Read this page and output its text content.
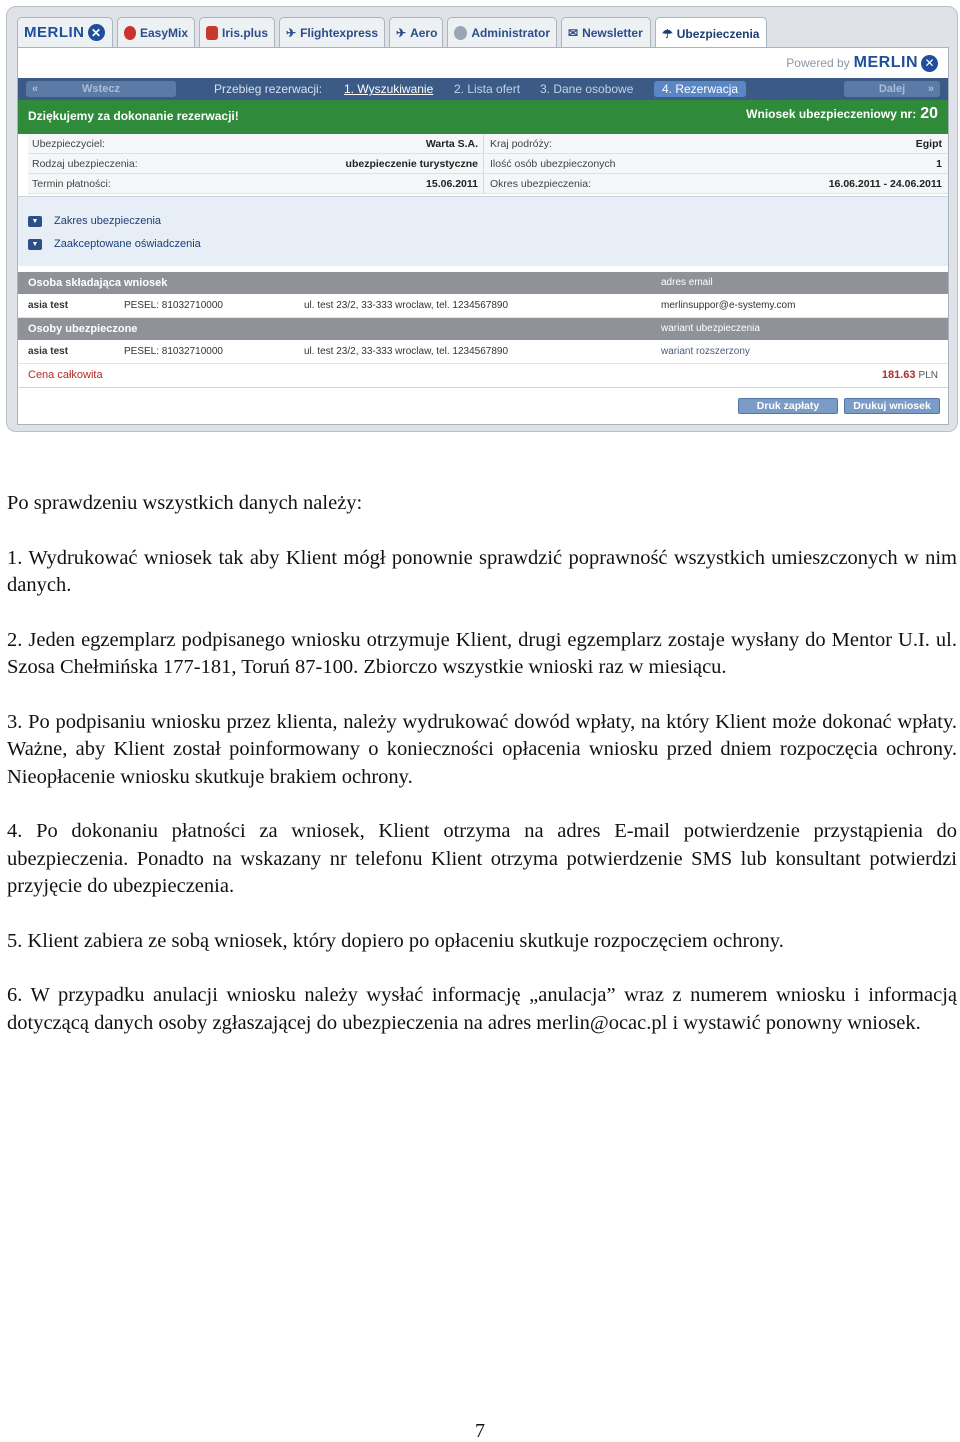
MERLIN ✕	EasyMix	Iris.plus ✈ Flightexpress ✈ Aero	Administrator ✉ Newsletter ☂ Ubezpieczenia
Powered by MERLIN ✕
«	Wstecz	Przebieg rezerwacji: 1. Wyszukiwanie 2. Lista ofert 3. Dane osobowe	4. Rezerwacja	Dalej »
Dziękujemy za dokonanie rezerwacji!	Wniosek ubezpieczeniowy nr: 20
Ubezpieczyciel:	Warta S.A. Kraj podróży:	Egipt
Rodzaj ubezpieczenia:	ubezpieczenie turystyczne Ilość osób ubezpieczonych	1
Termin płatności:	15.06.2011 Okres ubezpieczenia:	16.06.2011 - 24.06.2011
▼ Zakres ubezpieczenia
▼ Zaakceptowane oświadczenia
Osoba składająca wniosek	adres email
asia test	PESEL: 81032710000	ul. test 23/2, 33-333 wroclaw, tel. 1234567890	merlinsuppor@e-systemy.com
Osoby ubezpieczone	wariant ubezpieczenia
asia test	PESEL: 81032710000	ul. test 23/2, 33-333 wroclaw, tel. 1234567890	wariant rozszerzony
Cena całkowita	181.63 PLN
Druk zapłaty	Drukuj wniosek

Po sprawdzeniu wszystkich danych należy:

1. Wydrukować wniosek tak aby Klient mógł ponownie sprawdzić poprawność wszystkich umieszczonych w nim danych.

2. Jeden egzemplarz podpisanego wniosku otrzymuje Klient, drugi egzemplarz zostaje wysłany do Mentor U.I. ul. Szosa Chełmińska 177-181, Toruń 87-100. Zbiorczo wszystkie wnioski raz w miesiącu.

3. Po podpisaniu wniosku przez klienta, należy wydrukować dowód wpłaty, na który Klient może dokonać wpłaty. Ważne, aby Klient został poinformowany o konieczności opłacenia wniosku przed dniem rozpoczęcia ochrony. Nieopłacenie wniosku skutkuje brakiem ochrony.

4. Po dokonaniu płatności za wniosek, Klient otrzyma na adres E-mail potwierdzenie przystąpienia do ubezpieczenia. Ponadto na wskazany nr telefonu Klient otrzyma potwierdzenie SMS lub konsultant potwierdzi przyjęcie do ubezpieczenia.

5. Klient zabiera ze sobą wniosek, który dopiero po opłaceniu skutkuje rozpoczęciem ochrony.

6. W przypadku anulacji wniosku należy wysłać informację „anulacja” wraz z numerem wniosku i informacją dotyczącą danych osoby zgłaszającej do ubezpieczenia na adres merlin@ocac.pl i wystawić ponowny wniosek.

7
